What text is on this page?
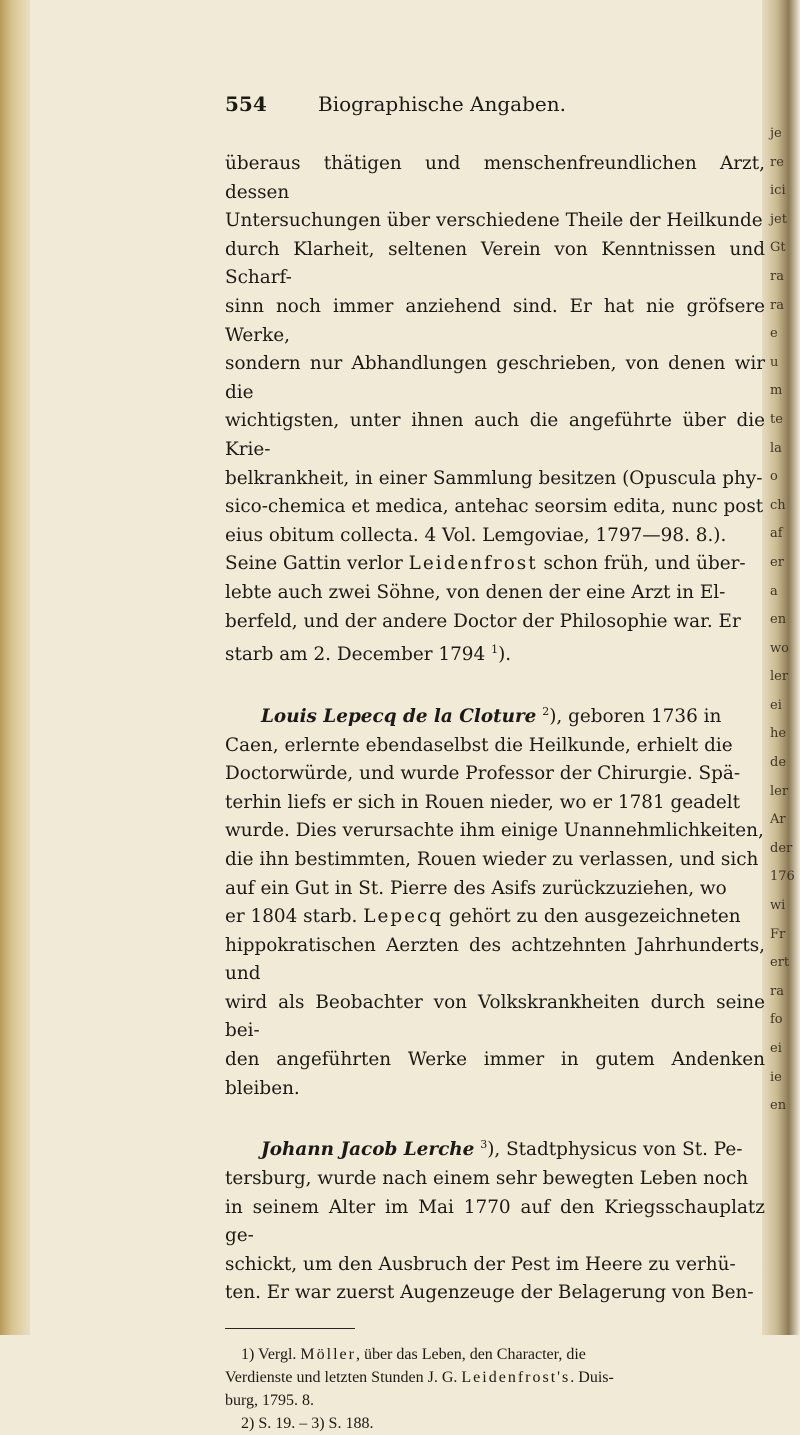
je
re
ici
jet
Gt
ra
ra
e
u
m
te
la
o
ch
af
er
a
en
wo
ler
ei
he
de
ler
Ar
der
176
wi
Fr
ert
ra
fo
ei
ie
en
554	Biographische Angaben.

überaus thätigen und menschenfreundlichen Arzt, dessen

Untersuchungen über verschiedene Theile der Heilkunde

durch Klarheit, seltenen Verein von Kenntnissen und Scharf-

sinn noch immer anziehend sind. Er hat nie gröfsere Werke,

sondern nur Abhandlungen geschrieben, von denen wir die

wichtigsten, unter ihnen auch die angeführte über die Krie-

belkrankheit, in einer Sammlung besitzen (Opuscula phy-

sico-chemica et medica, antehac seorsim edita, nunc post

eius obitum collecta. 4 Vol. Lemgoviae, 1797—98. 8.).

Seine Gattin verlor Leidenfrost schon früh, und über-

lebte auch zwei Söhne, von denen der eine Arzt in El-

berfeld, und der andere Doctor der Philosophie war. Er

starb am 2. December 1794 $^1$).

Louis Lepecq de la Cloture $^2$), geboren 1736 in

Caen, erlernte ebendaselbst die Heilkunde, erhielt die

Doctorwürde, und wurde Professor der Chirurgie. Spä-

terhin liefs er sich in Rouen nieder, wo er 1781 geadelt

wurde. Dies verursachte ihm einige Unannehmlichkeiten,

die ihn bestimmten, Rouen wieder zu verlassen, und sich

auf ein Gut in St. Pierre des Asifs zurückzuziehen, wo

er 1804 starb. Lepecq gehört zu den ausgezeichneten

hippokratischen Aerzten des achtzehnten Jahrhunderts, und

wird als Beobachter von Volkskrankheiten durch seine bei-

den angeführten Werke immer in gutem Andenken bleiben.

Johann Jacob Lerche $^3$), Stadtphysicus von St. Pe-

tersburg, wurde nach einem sehr bewegten Leben noch

in seinem Alter im Mai 1770 auf den Kriegsschauplatz ge-

schickt, um den Ausbruch der Pest im Heere zu verhü-

ten. Er war zuerst Augenzeuge der Belagerung von Ben-

1) Vergl. Möller, über das Leben, den Character, die
Verdienste und letzten Stunden J. G. Leidenfrost's. Duis-
burg, 1795. 8.
2) S. 19. – 3) S. 188.
